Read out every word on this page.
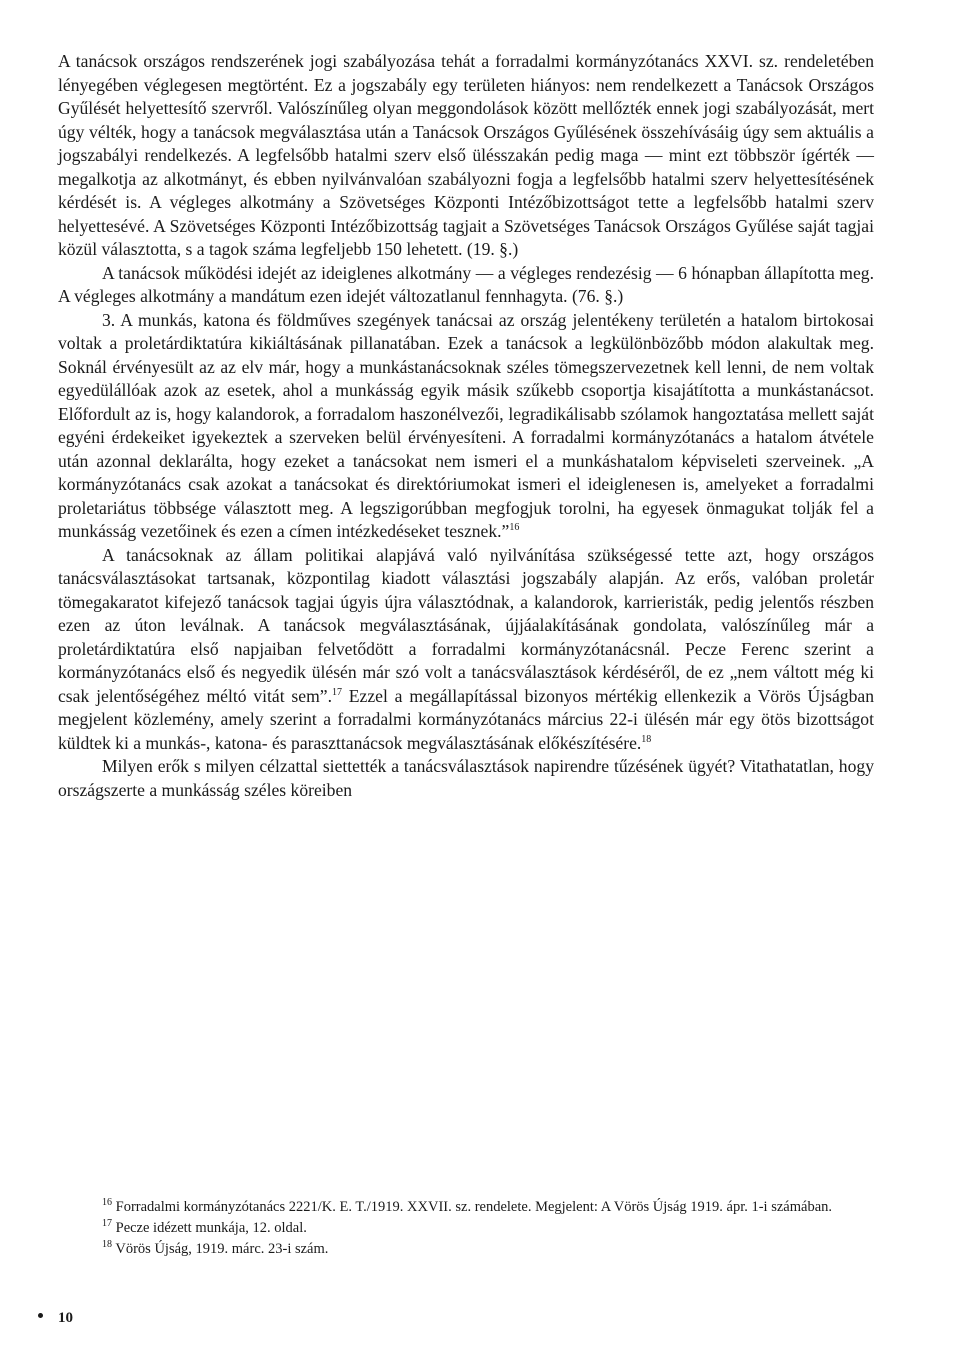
A tanácsok országos rendszerének jogi szabályozása tehát a forradalmi kormányzótanács XXVI. sz. rendeletében lényegében véglegesen megtörtént. Ez a jogszabály egy területen hiányos: nem rendelkezett a Tanácsok Országos Gyűlését helyettesítő szervről. Valószínűleg olyan meggondolások között mellőzték ennek jogi szabályozását, mert úgy vélték, hogy a tanácsok megválasztása után a Tanácsok Országos Gyűlésének összehívásáig úgy sem aktuális a jogszabályi rendelkezés. A legfelsőbb hatalmi szerv első ülésszakán pedig maga — mint ezt többször ígérték — megalkotja az alkotmányt, és ebben nyilvánvalóan szabályozni fogja a legfelsőbb hatalmi szerv helyettesítésének kérdését is. A végleges alkotmány a Szövetséges Központi Intézőbizottságot tette a legfelsőbb hatalmi szerv helyettesévé. A Szövetséges Központi Intézőbizottság tagjait a Szövetséges Tanácsok Országos Gyűlése saját tagjai közül választotta, s a tagok száma legfeljebb 150 lehetett. (19. §.)

A tanácsok működési idejét az ideiglenes alkotmány — a végleges rendezésig — 6 hónapban állapította meg. A végleges alkotmány a mandátum ezen idejét változatlanul fennhagyta. (76. §.)

3. A munkás, katona és földműves szegények tanácsai az ország jelentékeny területén a hatalom birtokosai voltak a proletárdiktatúra kikiáltásának pillanatában. Ezek a tanácsok a legkülönbözőbb módon alakultak meg. Soknál érvényesült az az elv már, hogy a munkástanácsoknak széles tömegszervezetnek kell lenni, de nem voltak egyedülállóak azok az esetek, ahol a munkásság egyik másik szűkebb csoportja kisajátította a munkástanácsot. Előfordult az is, hogy kalandorok, a forradalom haszonélvezői, legradikálisabb szólamok hangoztatása mellett saját egyéni érdekeiket igyekeztek a szerveken belül érvényesíteni. A forradalmi kormányzótanács a hatalom átvétele után azonnal deklarálta, hogy ezeket a tanácsokat nem ismeri el a munkáshatalom képviseleti szerveinek. „A kormányzótanács csak azokat a tanácsokat és direktóriumokat ismeri el ideiglenesen is, amelyeket a forradalmi proletariátus többsége választott meg. A legszigorúbban megfogjuk torolni, ha egyesek önmagukat tolják fel a munkásság vezetőinek és ezen a címen intézkedéseket tesznek.”$^{16}$

A tanácsoknak az állam politikai alapjává való nyilvánítása szükségessé tette azt, hogy országos tanácsválasztásokat tartsanak, központilag kiadott választási jogszabály alapján. Az erős, valóban proletár tömegakaratot kifejező tanácsok tagjai úgyis újra választódnak, a kalandorok, karrieristák, pedig jelentős részben ezen az úton leválnak. A tanácsok megválasztásának, újjáalakításának gondolata, valószínűleg már a proletárdiktatúra első napjaiban felvetődött a forradalmi kormányzótanácsnál. Pecze Ferenc szerint a kormányzótanács első és negyedik ülésén már szó volt a tanácsválasztások kérdéséről, de ez „nem váltott még ki csak jelentőségéhez méltó vitát sem”.$^{17}$ Ezzel a megállapítással bizonyos mértékig ellenkezik a Vörös Újságban megjelent közlemény, amely szerint a forradalmi kormányzótanács március 22-i ülésén már egy ötös bizottságot küldtek ki a munkás-, katona- és paraszttanácsok megválasztásának előkészítésére.$^{18}$

Milyen erők s milyen célzattal siettették a tanácsválasztások napirendre tűzésének ügyét? Vitathatatlan, hogy országszerte a munkásság széles köreiben

$^{16}$ Forradalmi kormányzótanács 2221/K. E. T./1919. XXVII. sz. rendelete. Megjelent: A Vörös Újság 1919. ápr. 1-i számában.

$^{17}$ Pecze idézett munkája, 12. oldal.

$^{18}$ Vörös Újság, 1919. márc. 23-i szám.

10
